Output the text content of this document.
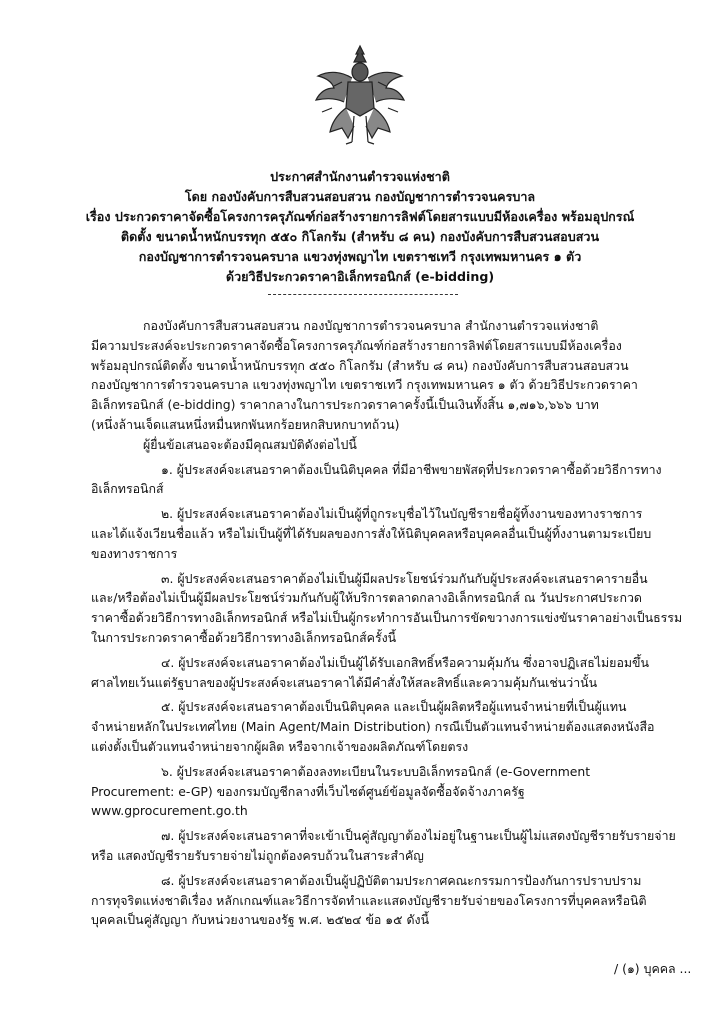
ประกาศสำนักงานตำรวจแห่งชาติ
โดย กองบังคับการสืบสวนสอบสวน กองบัญชาการตำรวจนครบาล
เรื่อง ประกวดราคาจัดซื้อโครงการครุภัณฑ์ก่อสร้างรายการลิฟต์โดยสารแบบมีห้องเครื่อง พร้อมอุปกรณ์
ติดตั้ง ขนาดน้ำหนักบรรทุก ๕๕๐ กิโลกรัม (สำหรับ ๘ คน) กองบังคับการสืบสวนสอบสวน
กองบัญชาการตำรวจนครบาล แขวงทุ่งพญาไท เขตราชเทวี กรุงเทพมหานคร ๑ ตัว
ด้วยวิธีประกวดราคาอิเล็กทรอนิกส์ (e-bidding)
กองบังคับการสืบสวนสอบสวน กองบัญชาการตำรวจนครบาล สำนักงานตำรวจแห่งชาติ
มีความประสงค์จะประกวดราคาจัดซื้อโครงการครุภัณฑ์ก่อสร้างรายการลิฟต์โดยสารแบบมีห้องเครื่อง
พร้อมอุปกรณ์ติดตั้ง ขนาดน้ำหนักบรรทุก ๕๕๐ กิโลกรัม (สำหรับ ๘ คน) กองบังคับการสืบสวนสอบสวน
กองบัญชาการตำรวจนครบาล แขวงทุ่งพญาไท เขตราชเทวี กรุงเทพมหานคร ๑ ตัว ด้วยวิธีประกวดราคา
อิเล็กทรอนิกส์ (e-bidding) ราคากลางในการประกวดราคาครั้งนี้เป็นเงินทั้งสิ้น ๑,๗๑๖,๖๖๖ บาท
(หนึ่งล้านเจ็ดแสนหนึ่งหมื่นหกพันหกร้อยหกสิบหกบาทถ้วน)
ผู้ยื่นข้อเสนอจะต้องมีคุณสมบัติดังต่อไปนี้
๑. ผู้ประสงค์จะเสนอราคาต้องเป็นนิติบุคคล ที่มีอาชีพขายพัสดุที่ประกวดราคาซื้อด้วยวิธีการทาง
อิเล็กทรอนิกส์
๒. ผู้ประสงค์จะเสนอราคาต้องไม่เป็นผู้ที่ถูกระบุชื่อไว้ในบัญชีรายชื่อผู้ทิ้งงานของทางราชการ
และได้แจ้งเวียนชื่อแล้ว หรือไม่เป็นผู้ที่ได้รับผลของการสั่งให้นิติบุคคลหรือบุคคลอื่นเป็นผู้ทิ้งงานตามระเบียบ
ของทางราชการ
๓. ผู้ประสงค์จะเสนอราคาต้องไม่เป็นผู้มีผลประโยชน์ร่วมกันกับผู้ประสงค์จะเสนอราคารายอื่น
และ/หรือต้องไม่เป็นผู้มีผลประโยชน์ร่วมกันกับผู้ให้บริการตลาดกลางอิเล็กทรอนิกส์ ณ วันประกาศประกวด
ราคาซื้อด้วยวิธีการทางอิเล็กทรอนิกส์ หรือไม่เป็นผู้กระทำการอันเป็นการขัดขวางการแข่งขันราคาอย่างเป็นธรรม
ในการประกวดราคาซื้อด้วยวิธีการทางอิเล็กทรอนิกส์ครั้งนี้
๔. ผู้ประสงค์จะเสนอราคาต้องไม่เป็นผู้ได้รับเอกสิทธิ์หรือความคุ้มกัน ซึ่งอาจปฏิเสธไม่ยอมขึ้น
ศาลไทยเว้นแต่รัฐบาลของผู้ประสงค์จะเสนอราคาได้มีคำสั่งให้สละสิทธิ์และความคุ้มกันเช่นว่านั้น
๕. ผู้ประสงค์จะเสนอราคาต้องเป็นนิติบุคคล และเป็นผู้ผลิตหรือผู้แทนจำหน่ายที่เป็นผู้แทน
จำหน่ายหลักในประเทศไทย (Main Agent/Main Distribution) กรณีเป็นตัวแทนจำหน่ายต้องแสดงหนังสือ
แต่งตั้งเป็นตัวแทนจำหน่ายจากผู้ผลิต หรือจากเจ้าของผลิตภัณฑ์โดยตรง
๖. ผู้ประสงค์จะเสนอราคาต้องลงทะเบียนในระบบอิเล็กทรอนิกส์ (e-Government
Procurement: e-GP) ของกรมบัญชีกลางที่เว็บไซต์ศูนย์ข้อมูลจัดซื้อจัดจ้างภาครัฐ
www.gprocurement.go.th
๗. ผู้ประสงค์จะเสนอราคาที่จะเข้าเป็นคู่สัญญาต้องไม่อยู่ในฐานะเป็นผู้ไม่แสดงบัญชีรายรับรายจ่าย
หรือ แสดงบัญชีรายรับรายจ่ายไม่ถูกต้องครบถ้วนในสาระสำคัญ
๘. ผู้ประสงค์จะเสนอราคาต้องเป็นผู้ปฏิบัติตามประกาศคณะกรรมการป้องกันการปราบปราม
การทุจริตแห่งชาติเรื่อง หลักเกณฑ์และวิธีการจัดทำและแสดงบัญชีรายรับจ่ายของโครงการที่บุคคลหรือนิติ
บุคคลเป็นคู่สัญญา กับหน่วยงานของรัฐ พ.ศ. ๒๕๒๔ ข้อ ๑๕ ดังนี้
/ (๑) บุคคล ...
